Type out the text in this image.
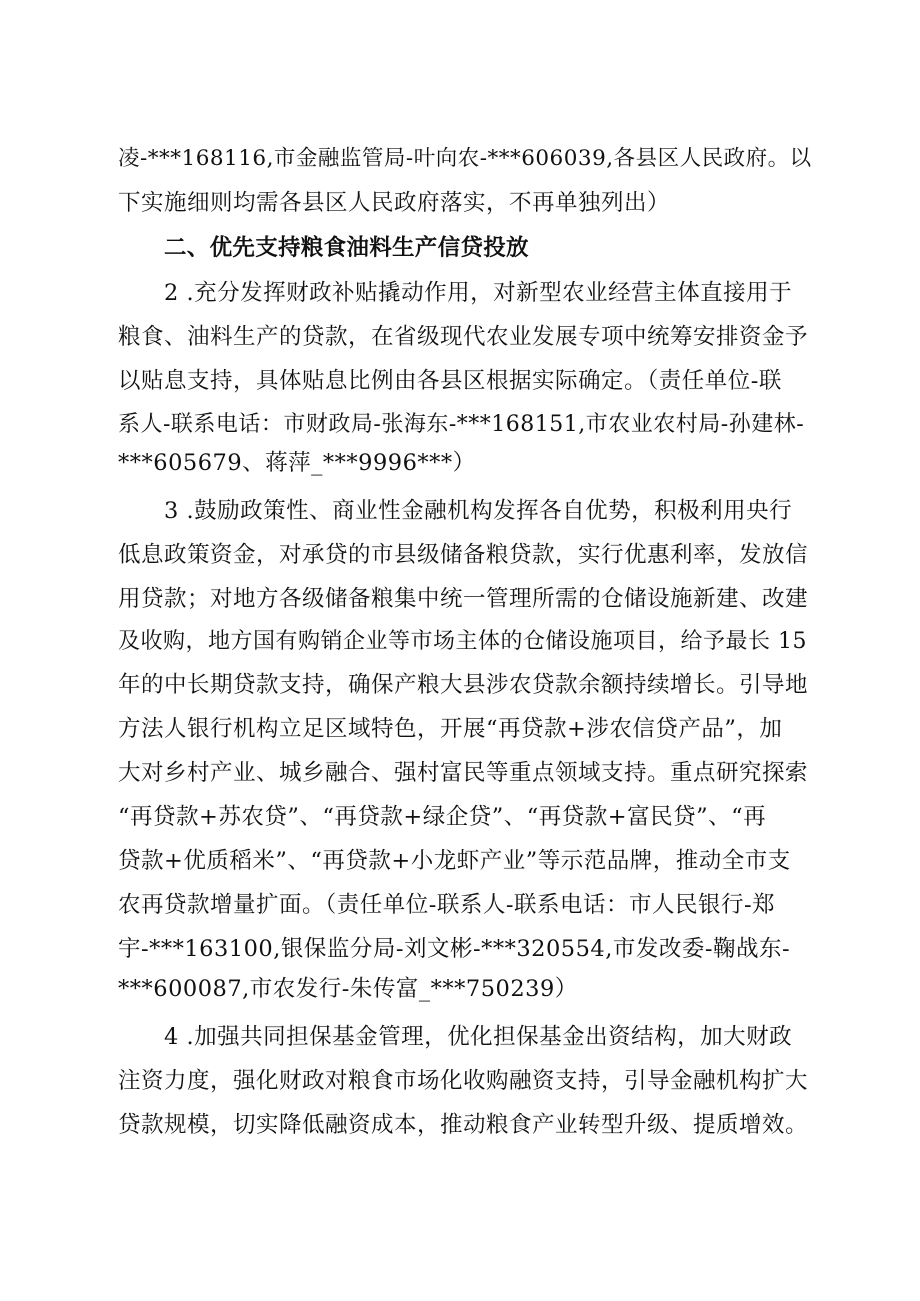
凌-***168116,市金融监管局-叶向农-***606039,各县区人民政府。以
下实施细则均需各县区人民政府落实，不再单独列出）
二、优先支持粮食油料生产信贷投放
2 .充分发挥财政补贴撬动作用，对新型农业经营主体直接用于
粮食、油料生产的贷款，在省级现代农业发展专项中统筹安排资金予
以贴息支持，具体贴息比例由各县区根据实际确定。（责任单位-联
系人-联系电话：市财政局-张海东-***168151,市农业农村局-孙建林-
***605679、蒋萍_***9996***）
3 .鼓励政策性、商业性金融机构发挥各自优势，积极利用央行
低息政策资金，对承贷的市县级储备粮贷款，实行优惠利率，发放信
用贷款；对地方各级储备粮集中统一管理所需的仓储设施新建、改建
及收购，地方国有购销企业等市场主体的仓储设施项目，给予最长 15
年的中长期贷款支持，确保产粮大县涉农贷款余额持续增长。引导地
方法人银行机构立足区域特色，开展“再贷款+涉农信贷产品”，加
大对乡村产业、城乡融合、强村富民等重点领域支持。重点研究探索
“再贷款+苏农贷”、“再贷款+绿企贷”、“再贷款+富民贷”、“再
贷款+优质稻米”、“再贷款+小龙虾产业”等示范品牌，推动全市支
农再贷款增量扩面。（责任单位-联系人-联系电话：市人民银行-郑
宇-***163100,银保监分局-刘文彬-***320554,市发改委-鞠战东-
***600087,市农发行-朱传富_***750239）
4 .加强共同担保基金管理，优化担保基金出资结构，加大财政
注资力度，强化财政对粮食市场化收购融资支持，引导金融机构扩大
贷款规模，切实降低融资成本，推动粮食产业转型升级、提质增效。
